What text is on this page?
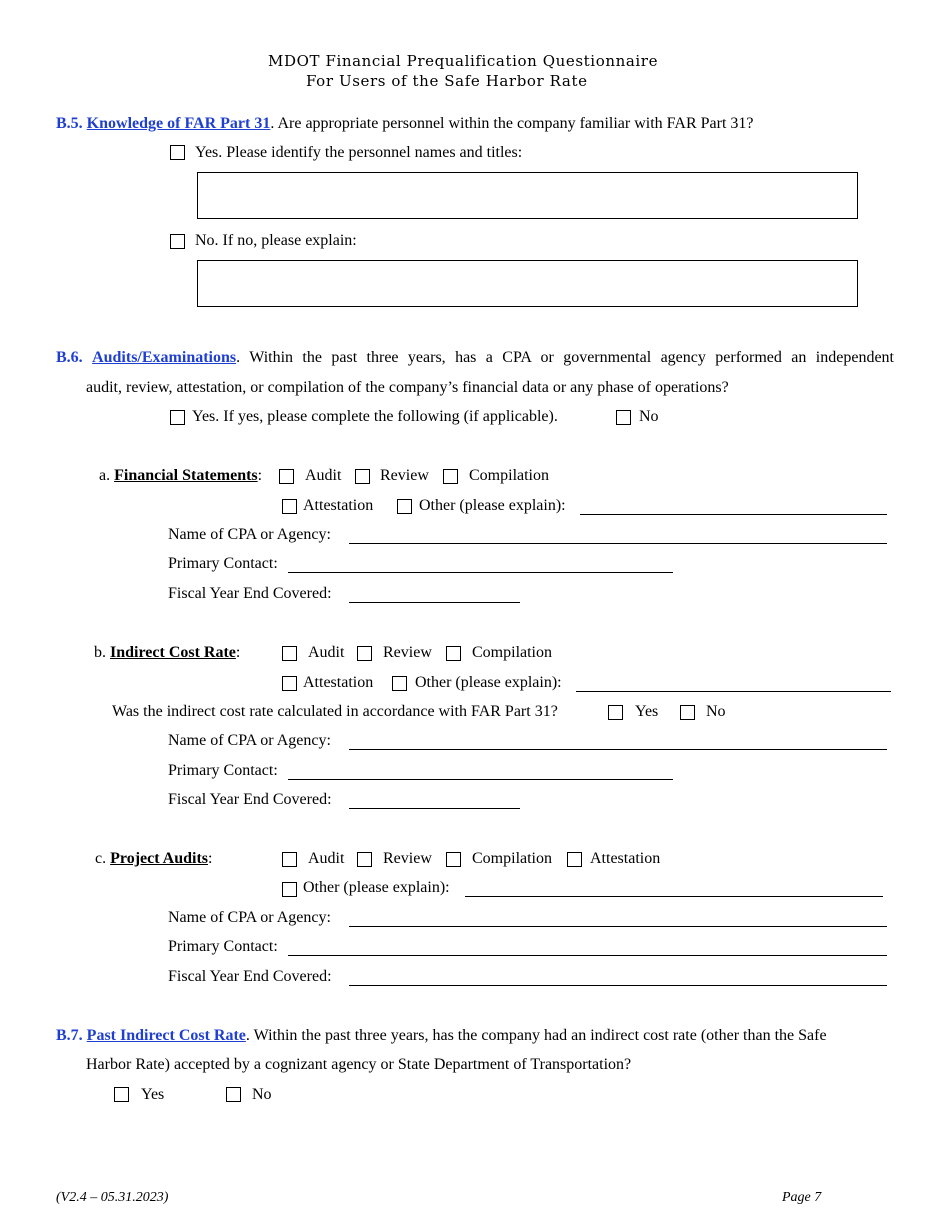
MDOT Financial Prequalification Questionnaire
For Users of the Safe Harbor Rate
B.5. Knowledge of FAR Part 31. Are appropriate personnel within the company familiar with FAR Part 31?
Yes. Please identify the personnel names and titles:
No. If no, please explain:
B.6. Audits/Examinations. Within the past three years, has a CPA or governmental agency performed an independent
audit, review, attestation, or compilation of the company’s financial data or any phase of operations?
Yes. If yes, please complete the following (if applicable).	No
a. Financial Statements:	Audit Review	Compilation
Attestation	Other (please explain):
Name of CPA or Agency:
Primary Contact:
Fiscal Year End Covered:
b. Indirect Cost Rate:	Audit Review	Compilation
Attestation	Other (please explain):
Was the indirect cost rate calculated in accordance with FAR Part 31?	Yes	No
Name of CPA or Agency:
Primary Contact:
Fiscal Year End Covered:
c. Project Audits:	Audit Review	Compilation Attestation
Other (please explain):
Name of CPA or Agency:
Primary Contact:
Fiscal Year End Covered:
B.7. Past Indirect Cost Rate. Within the past three years, has the company had an indirect cost rate (other than the Safe
Harbor Rate) accepted by a cognizant agency or State Department of Transportation?
Yes	No
(V2.4 – 05.31.2023)	Page 7
